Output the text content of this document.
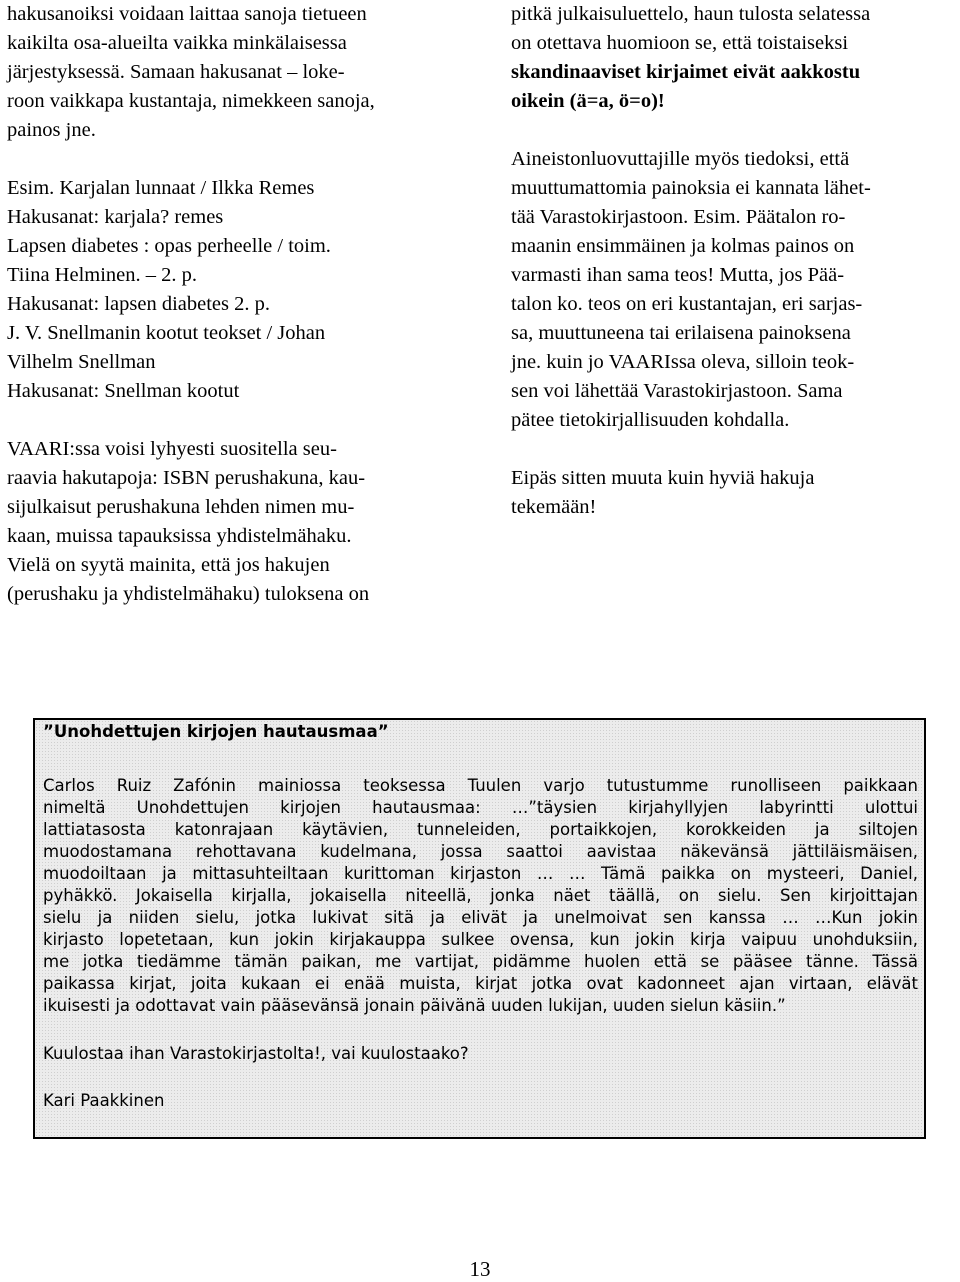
hakusanoiksi voidaan laittaa sanoja tietueen
kaikilta osa-alueilta vaikka minkälaisessa
järjestyksessä. Samaan hakusanat – loke-
roon vaikkapa kustantaja, nimekkeen sanoja,
painos jne.
Esim. Karjalan lunnaat / Ilkka Remes
Hakusanat: karjala? remes
Lapsen diabetes : opas perheelle / toim.
Tiina Helminen. – 2. p.
Hakusanat: lapsen diabetes 2. p.
J. V. Snellmanin kootut teokset / Johan
Vilhelm Snellman
Hakusanat: Snellman kootut
VAARI:ssa voisi lyhyesti suositella seu-
raavia hakutapoja: ISBN perushakuna, kau-
sijulkaisut perushakuna lehden nimen mu-
kaan, muissa tapauksissa yhdistelmähaku.
Vielä on syytä mainita, että jos hakujen
(perushaku ja yhdistelmähaku) tuloksena on
pitkä julkaisuluettelo, haun tulosta selatessa
on otettava huomioon se, että toistaiseksi
skandinaaviset kirjaimet eivät aakkostu
oikein (ä=a, ö=o)!
Aineistonluovuttajille myös tiedoksi, että
muuttumattomia painoksia ei kannata lähet-
tää Varastokirjastoon. Esim. Päätalon ro-
maanin ensimmäinen ja kolmas painos on
varmasti ihan sama teos! Mutta, jos Pää-
talon ko. teos on eri kustantajan, eri sarjas-
sa, muuttuneena tai erilaisena painoksena
jne. kuin jo VAARIssa oleva, silloin teok-
sen voi lähettää Varastokirjastoon. Sama
pätee tietokirjallisuuden kohdalla.
Eipäs sitten muuta kuin hyviä hakuja
tekemään!
”Unohdettujen kirjojen hautausmaa”
Carlos Ruiz Zafónin mainiossa teoksessa Tuulen varjo tutustumme runolliseen paikkaan
nimeltä Unohdettujen kirjojen hautausmaa: …”täysien kirjahyllyjen labyrintti ulottui
lattiatasosta katonrajaan käytävien, tunneleiden, portaikkojen, korokkeiden ja siltojen
muodostamana rehottavana kudelmana, jossa saattoi aavistaa näkevänsä jättiläismäisen,
muodoiltaan ja mittasuhteiltaan kurittoman kirjaston … … Tämä paikka on mysteeri, Daniel,
pyhäkkö. Jokaisella kirjalla, jokaisella niteellä, jonka näet täällä, on sielu. Sen kirjoittajan
sielu ja niiden sielu, jotka lukivat sitä ja elivät ja unelmoivat sen kanssa … …Kun jokin
kirjasto lopetetaan, kun jokin kirjakauppa sulkee ovensa, kun jokin kirja vaipuu unohduksiin,
me jotka tiedämme tämän paikan, me vartijat, pidämme huolen että se pääsee tänne. Tässä
paikassa kirjat, joita kukaan ei enää muista, kirjat jotka ovat kadonneet ajan virtaan, elävät
ikuisesti ja odottavat vain pääsevänsä jonain päivänä uuden lukijan, uuden sielun käsiin.”
Kuulostaa ihan Varastokirjastolta!, vai kuulostaako?
Kari Paakkinen
13
